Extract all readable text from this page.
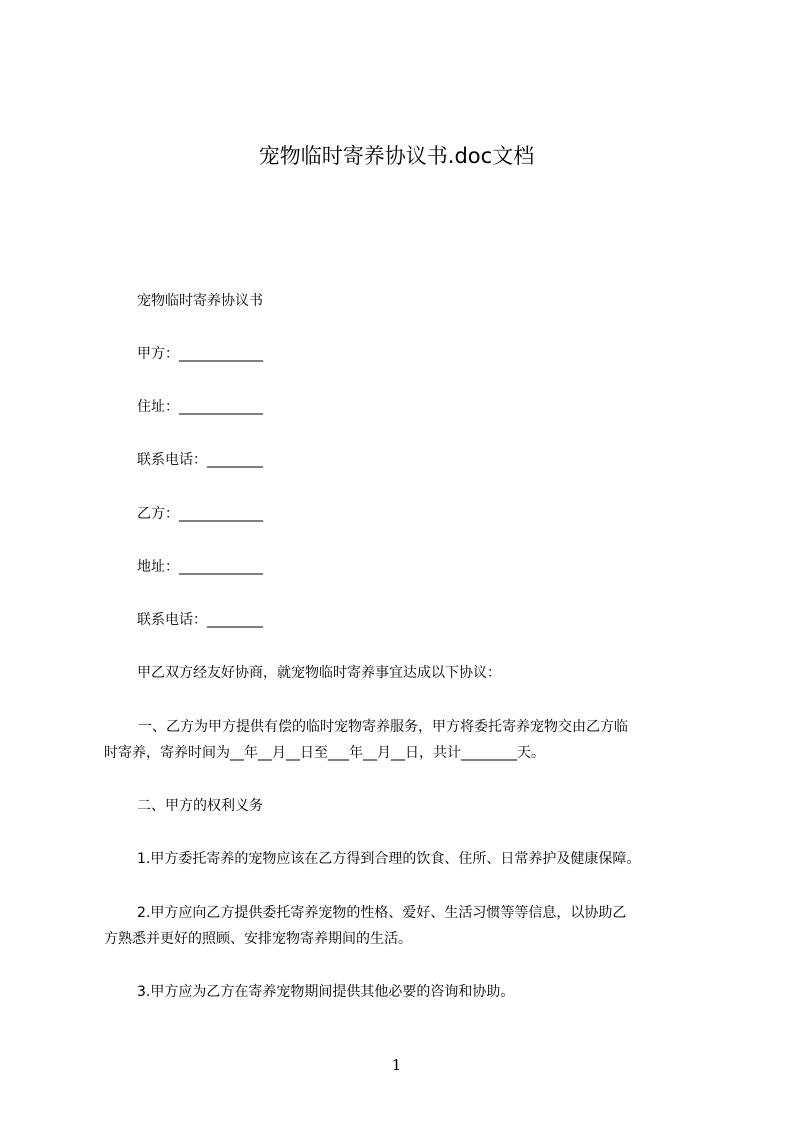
宠物临时寄养协议书.doc文档
宠物临时寄养协议书
甲方：____________
住址：____________
联系电话：________
乙方：____________
地址：____________
联系电话：________
甲乙双方经友好协商，就宠物临时寄养事宜达成以下协议：
一、乙方为甲方提供有偿的临时宠物寄养服务，甲方将委托寄养宠物交由乙方临
时寄养，寄养时间为__年__月__日至___年__月__日，共计________天。
二、甲方的权利义务
1.甲方委托寄养的宠物应该在乙方得到合理的饮食、住所、日常养护及健康保障。
2.甲方应向乙方提供委托寄养宠物的性格、爱好、生活习惯等等信息，以协助乙
方熟悉并更好的照顾、安排宠物寄养期间的生活。
3.甲方应为乙方在寄养宠物期间提供其他必要的咨询和协助。
1
